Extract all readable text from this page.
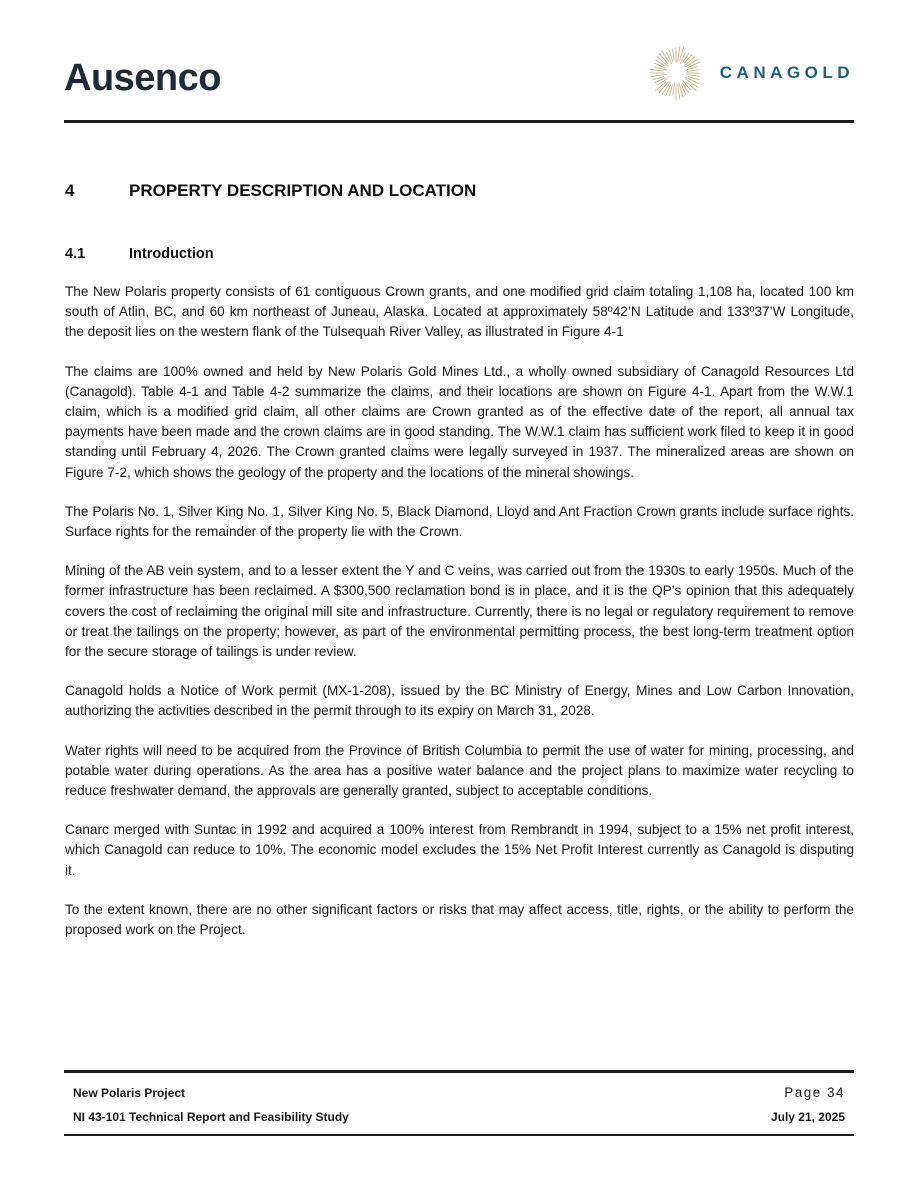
Ausenco	CANAGOLD
4	PROPERTY DESCRIPTION AND LOCATION
4.1	Introduction

The New Polaris property consists of 61 contiguous Crown grants, and one modified grid claim totaling 1,108 ha, located 100 km south of Atlin, BC, and 60 km northeast of Juneau, Alaska. Located at approximately 58º42’N Latitude and 133º37’W Longitude, the deposit lies on the western flank of the Tulsequah River Valley, as illustrated in Figure 4-1

The claims are 100% owned and held by New Polaris Gold Mines Ltd., a wholly owned subsidiary of Canagold Resources Ltd (Canagold). Table 4-1 and Table 4-2 summarize the claims, and their locations are shown on Figure 4-1. Apart from the W.W.1 claim, which is a modified grid claim, all other claims are Crown granted as of the effective date of the report, all annual tax payments have been made and the crown claims are in good standing. The W.W.1 claim has sufficient work filed to keep it in good standing until February 4, 2026. The Crown granted claims were legally surveyed in 1937. The mineralized areas are shown on Figure 7-2, which shows the geology of the property and the locations of the mineral showings.

The Polaris No. 1, Silver King No. 1, Silver King No. 5, Black Diamond, Lloyd and Ant Fraction Crown grants include surface rights. Surface rights for the remainder of the property lie with the Crown.

Mining of the AB vein system, and to a lesser extent the Y and C veins, was carried out from the 1930s to early 1950s. Much of the former infrastructure has been reclaimed. A $300,500 reclamation bond is in place, and it is the QP’s opinion that this adequately covers the cost of reclaiming the original mill site and infrastructure. Currently, there is no legal or regulatory requirement to remove or treat the tailings on the property; however, as part of the environmental permitting process, the best long-term treatment option for the secure storage of tailings is under review.

Canagold holds a Notice of Work permit (MX-1-208), issued by the BC Ministry of Energy, Mines and Low Carbon Innovation, authorizing the activities described in the permit through to its expiry on March 31, 2028.

Water rights will need to be acquired from the Province of British Columbia to permit the use of water for mining, processing, and potable water during operations. As the area has a positive water balance and the project plans to maximize water recycling to reduce freshwater demand, the approvals are generally granted, subject to acceptable conditions.

Canarc merged with Suntac in 1992 and acquired a 100% interest from Rembrandt in 1994, subject to a 15% net profit interest, which Canagold can reduce to 10%. The economic model excludes the 15% Net Profit Interest currently as Canagold is disputing it.

To the extent known, there are no other significant factors or risks that may affect access, title, rights, or the ability to perform the proposed work on the Project.

New Polaris Project
NI 43-101 Technical Report and Feasibility Study
Page 34
July 21, 2025
